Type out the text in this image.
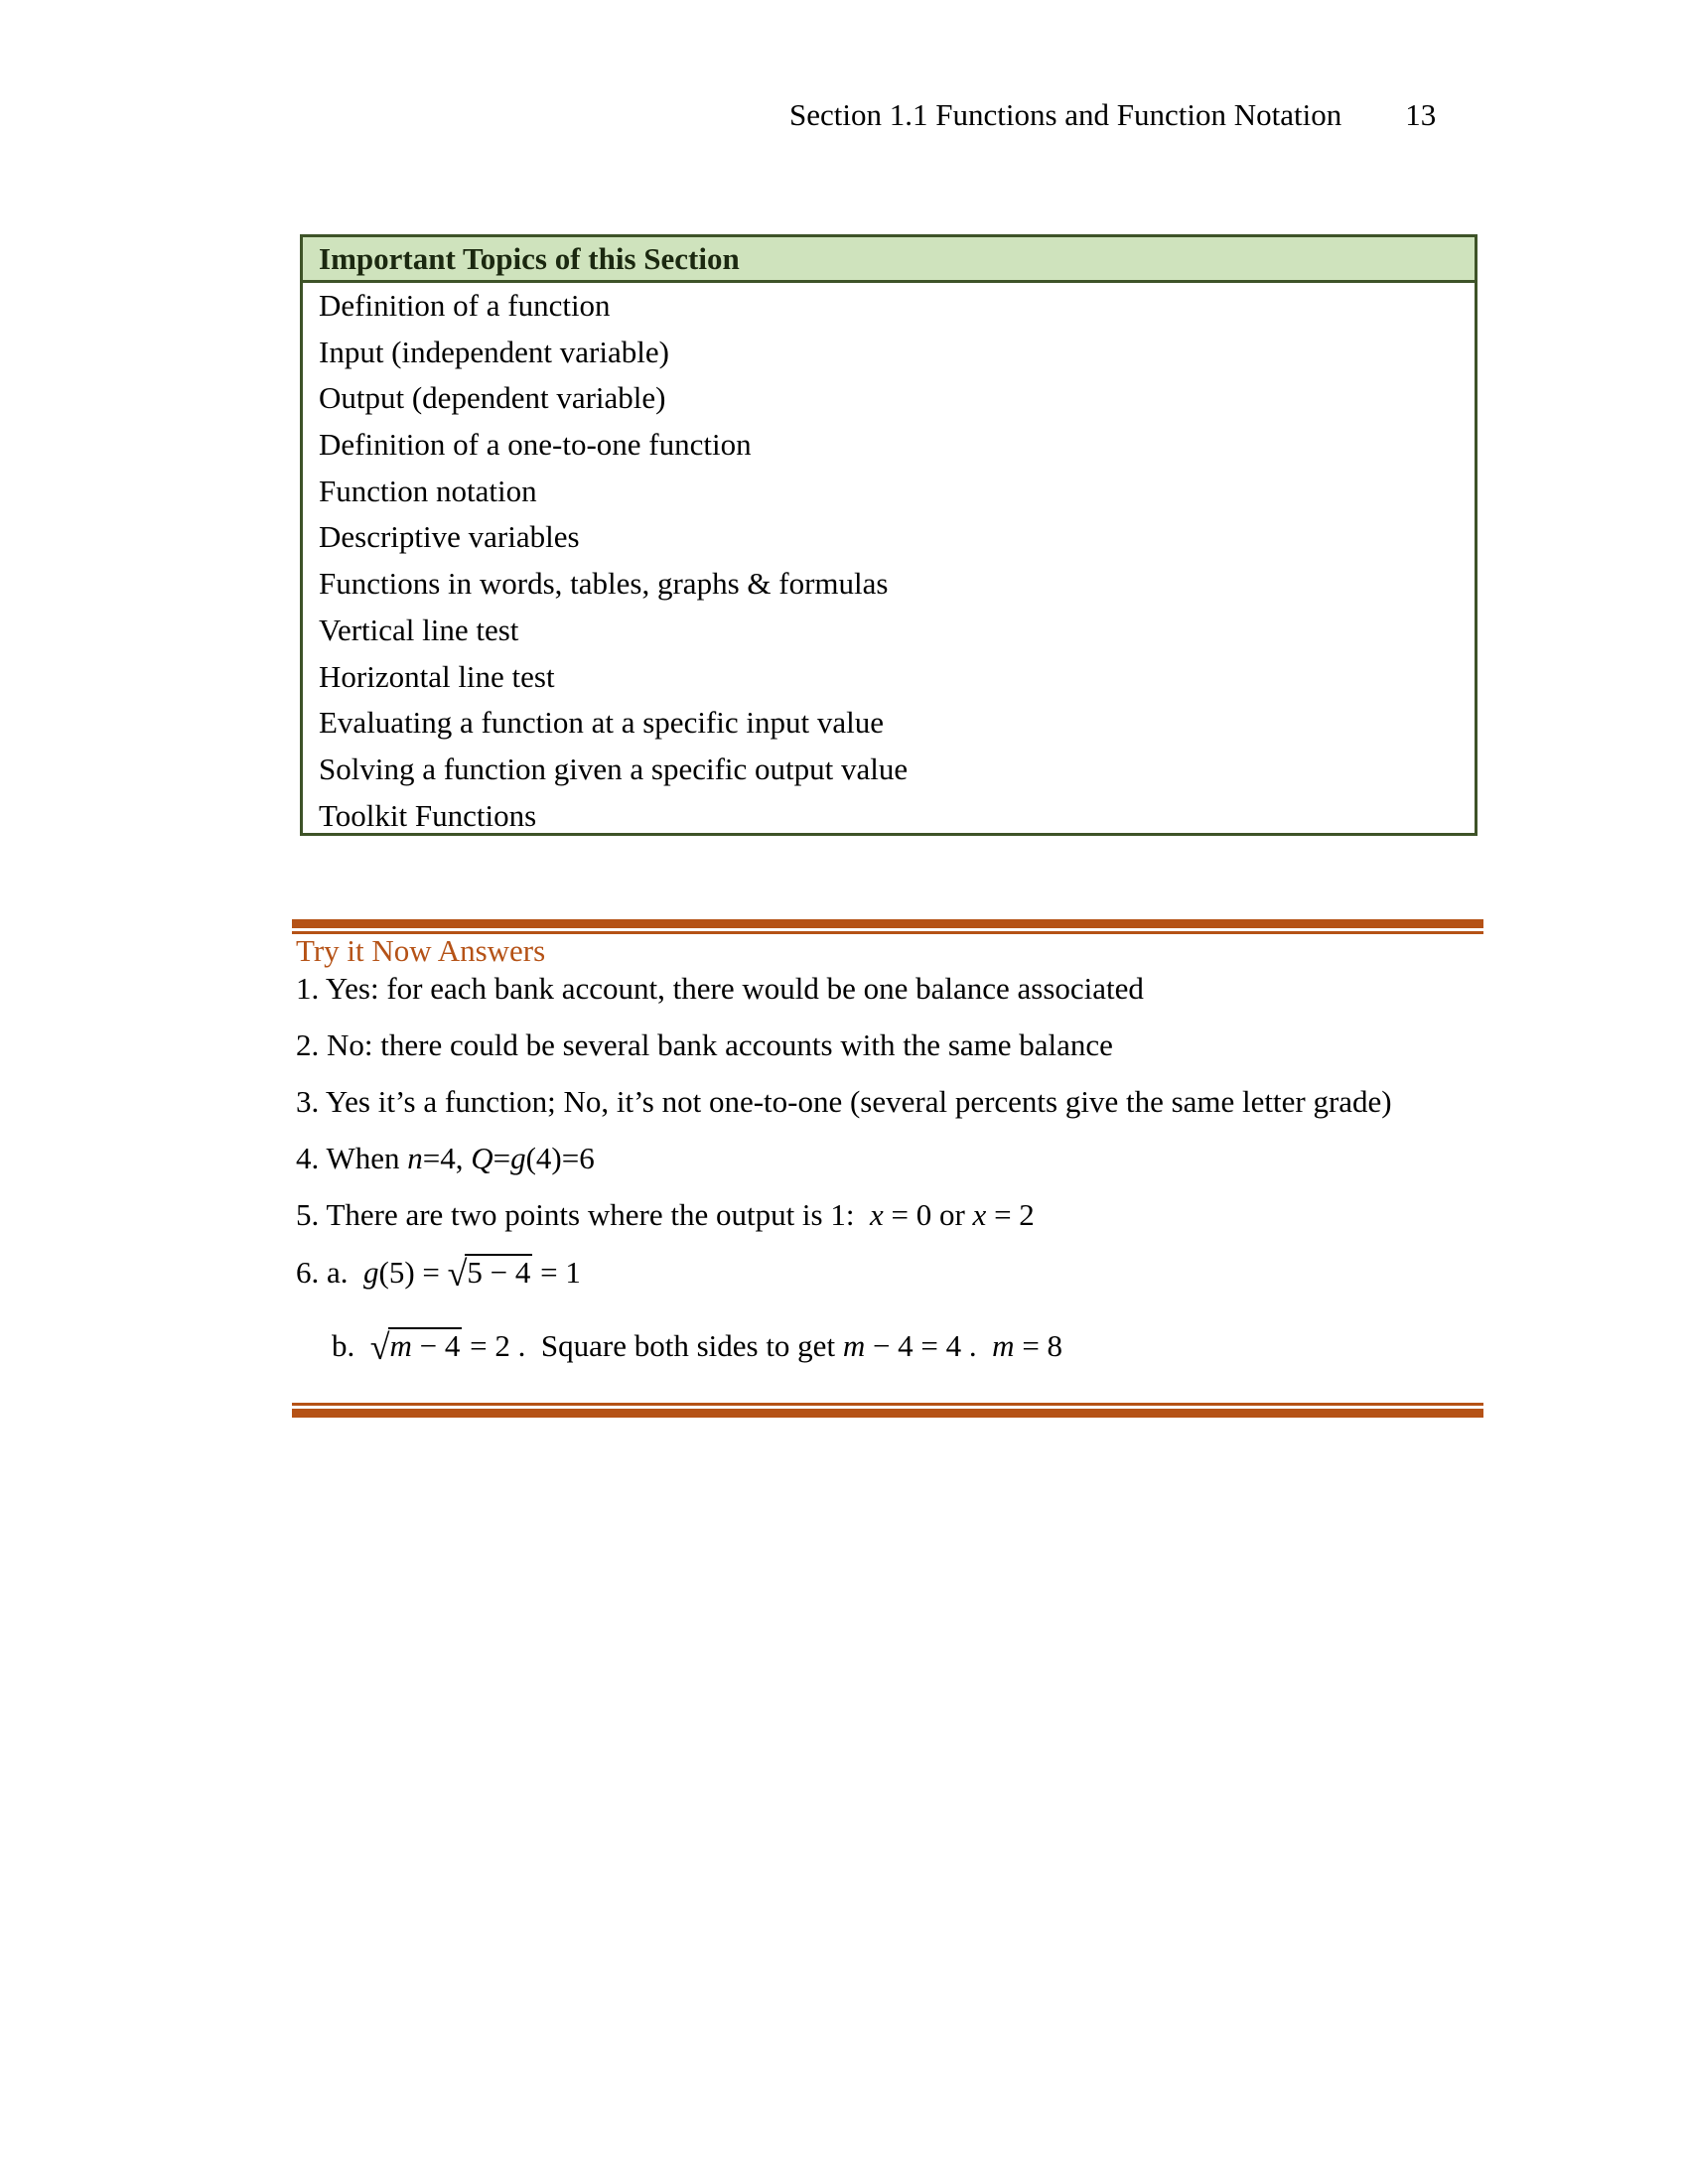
Section 1.1 Functions and Function Notation 13
Important Topics of this Section
Definition of a function
Input (independent variable)
Output (dependent variable)
Definition of a one-to-one function
Function notation
Descriptive variables
Functions in words, tables, graphs & formulas
Vertical line test
Horizontal line test
Evaluating a function at a specific input value
Solving a function given a specific output value
Toolkit Functions
Try it Now Answers
1. Yes: for each bank account, there would be one balance associated
2. No: there could be several bank accounts with the same balance
3. Yes it’s a function; No, it’s not one-to-one (several percents give the same letter grade)
4. When n=4, Q=g(4)=6
5. There are two points where the output is 1:  x = 0 or x = 2
6. a.  g(5) = √5 − 4 = 1
b.  √m − 4 = 2 .  Square both sides to get m − 4 = 4 .  m = 8
